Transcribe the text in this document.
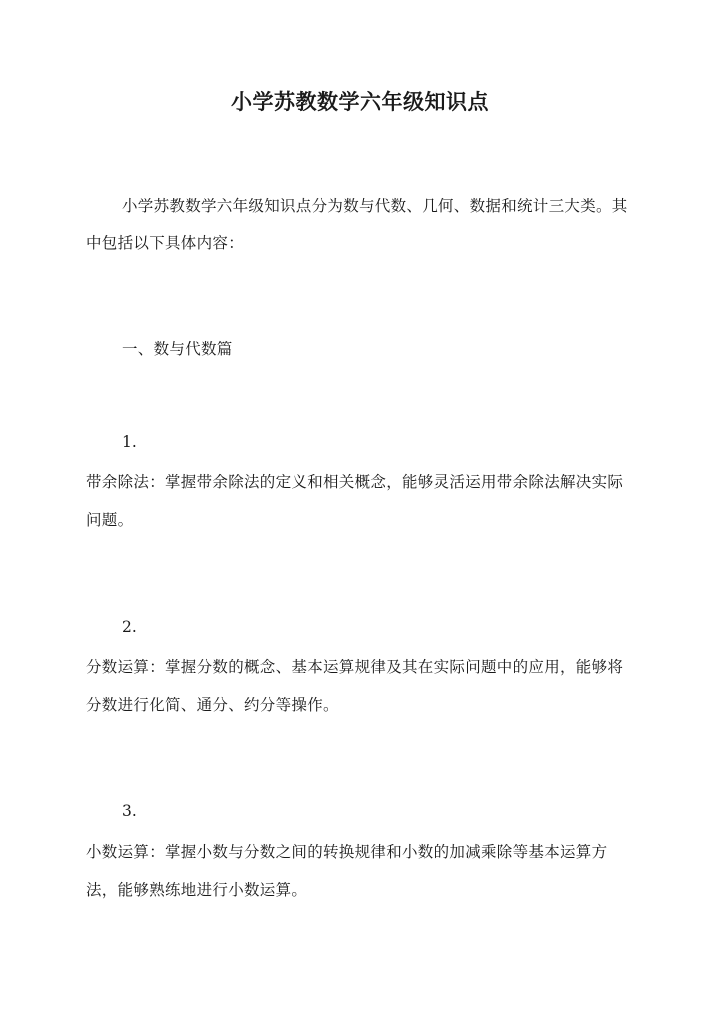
小学苏教数学六年级知识点
小学苏教数学六年级知识点分为数与代数、几何、数据和统计三大类。其中包括以下具体内容：
一、数与代数篇
1.
带余除法：掌握带余除法的定义和相关概念，能够灵活运用带余除法解决实际问题。
2.
分数运算：掌握分数的概念、基本运算规律及其在实际问题中的应用，能够将分数进行化简、通分、约分等操作。
3.
小数运算：掌握小数与分数之间的转换规律和小数的加减乘除等基本运算方法，能够熟练地进行小数运算。
